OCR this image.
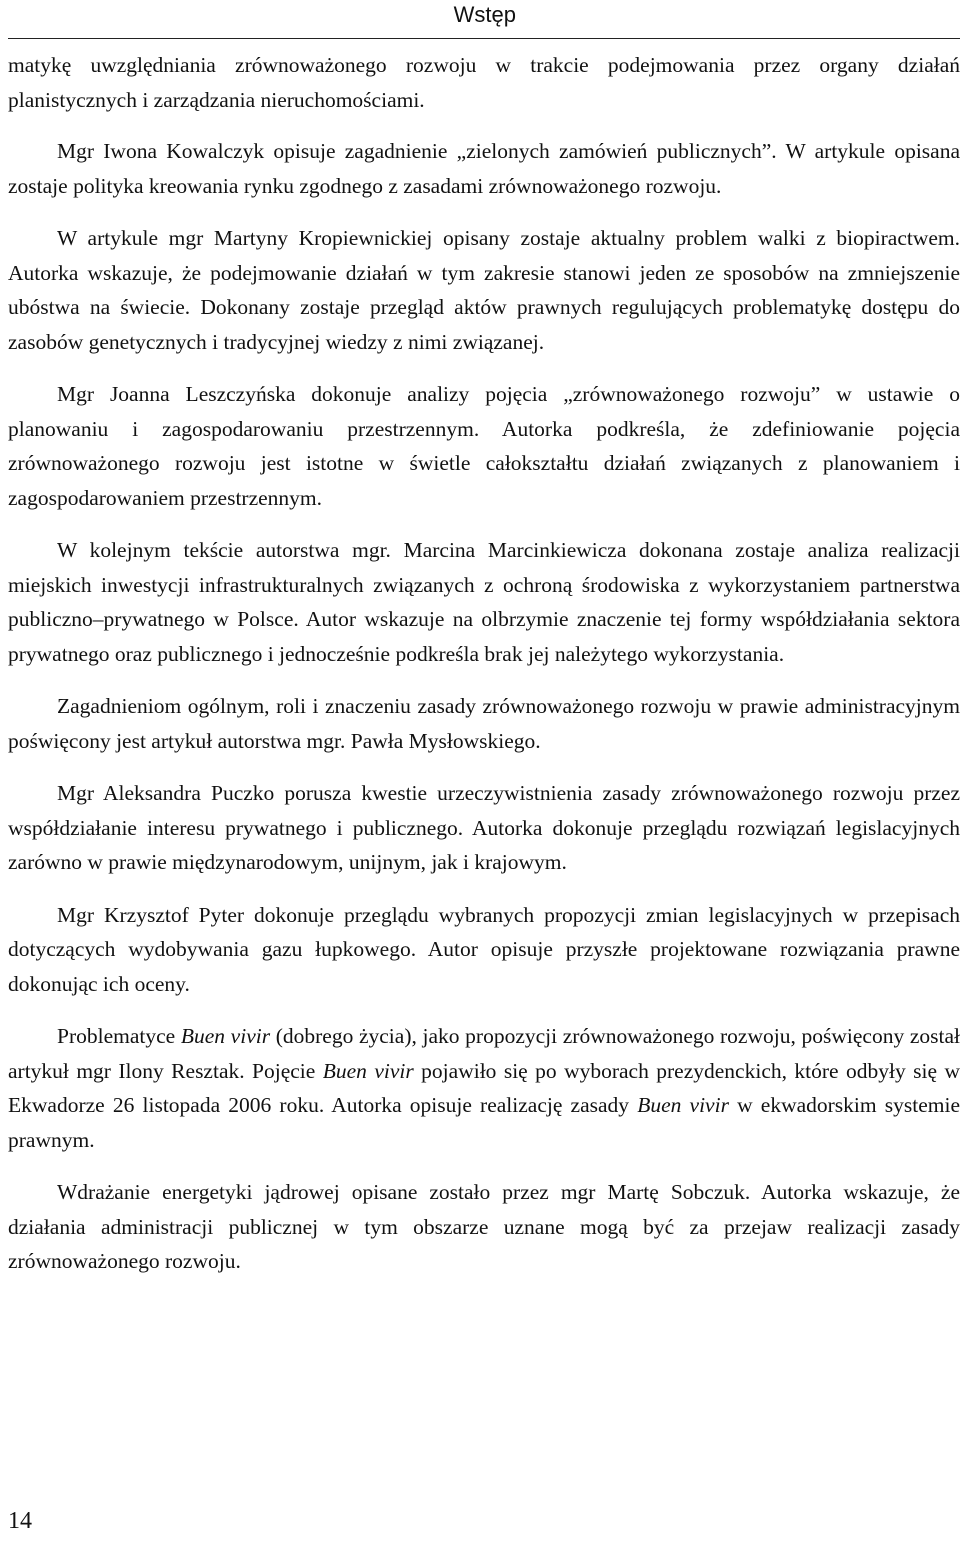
Wstęp

matykę uwzględniania zrównoważonego rozwoju w trakcie podejmowania przez organy działań planistycznych i zarządzania nieruchomościami.

Mgr Iwona Kowalczyk opisuje zagadnienie „zielonych zamówień publicznych”. W artykule opisana zostaje polityka kreowania rynku zgodnego z zasadami zrównoważonego rozwoju.

W artykule mgr Martyny Kropiewnickiej opisany zostaje aktualny problem walki z biopiractwem. Autorka wskazuje, że podejmowanie działań w tym zakresie stanowi jeden ze sposobów na zmniejszenie ubóstwa na świecie. Dokonany zostaje przegląd aktów prawnych regulujących problematykę dostępu do zasobów genetycznych i tradycyjnej wiedzy z nimi związanej.

Mgr Joanna Leszczyńska dokonuje analizy pojęcia „zrównoważonego rozwoju” w ustawie o planowaniu i zagospodarowaniu przestrzennym. Autorka podkreśla, że zdefiniowanie pojęcia zrównoważonego rozwoju jest istotne w świetle całokształtu działań związanych z planowaniem i zagospodarowaniem przestrzennym.

W kolejnym tekście autorstwa mgr. Marcina Marcinkiewicza dokonana zostaje analiza realizacji miejskich inwestycji infrastrukturalnych związanych z ochroną środowiska z wykorzystaniem partnerstwa publiczno–prywatnego w Polsce. Autor wskazuje na olbrzymie znaczenie tej formy współdziałania sektora prywatnego oraz publicznego i jednocześnie podkreśla brak jej należytego wykorzystania.

Zagadnieniom ogólnym, roli i znaczeniu zasady zrównoważonego rozwoju w prawie administracyjnym poświęcony jest artykuł autorstwa mgr. Pawła Mysłowskiego.

Mgr Aleksandra Puczko porusza kwestie urzeczywistnienia zasady zrównoważonego rozwoju przez współdziałanie interesu prywatnego i publicznego. Autorka dokonuje przeglądu rozwiązań legislacyjnych zarówno w prawie międzynarodowym, unijnym, jak i krajowym.

Mgr Krzysztof Pyter dokonuje przeglądu wybranych propozycji zmian legislacyjnych w przepisach dotyczących wydobywania gazu łupkowego. Autor opisuje przyszłe projektowane rozwiązania prawne dokonując ich oceny.

Problematyce Buen vivir (dobrego życia), jako propozycji zrównoważonego rozwoju, poświęcony został artykuł mgr Ilony Resztak. Pojęcie Buen vivir pojawiło się po wyborach prezydenckich, które odbyły się w Ekwadorze 26 listopada 2006 roku. Autorka opisuje realizację zasady Buen vivir w ekwadorskim systemie prawnym.

Wdrażanie energetyki jądrowej opisane zostało przez mgr Martę Sobczuk. Autorka wskazuje, że działania administracji publicznej w tym obszarze uznane mogą być za przejaw realizacji zasady zrównoważonego rozwoju.

14
